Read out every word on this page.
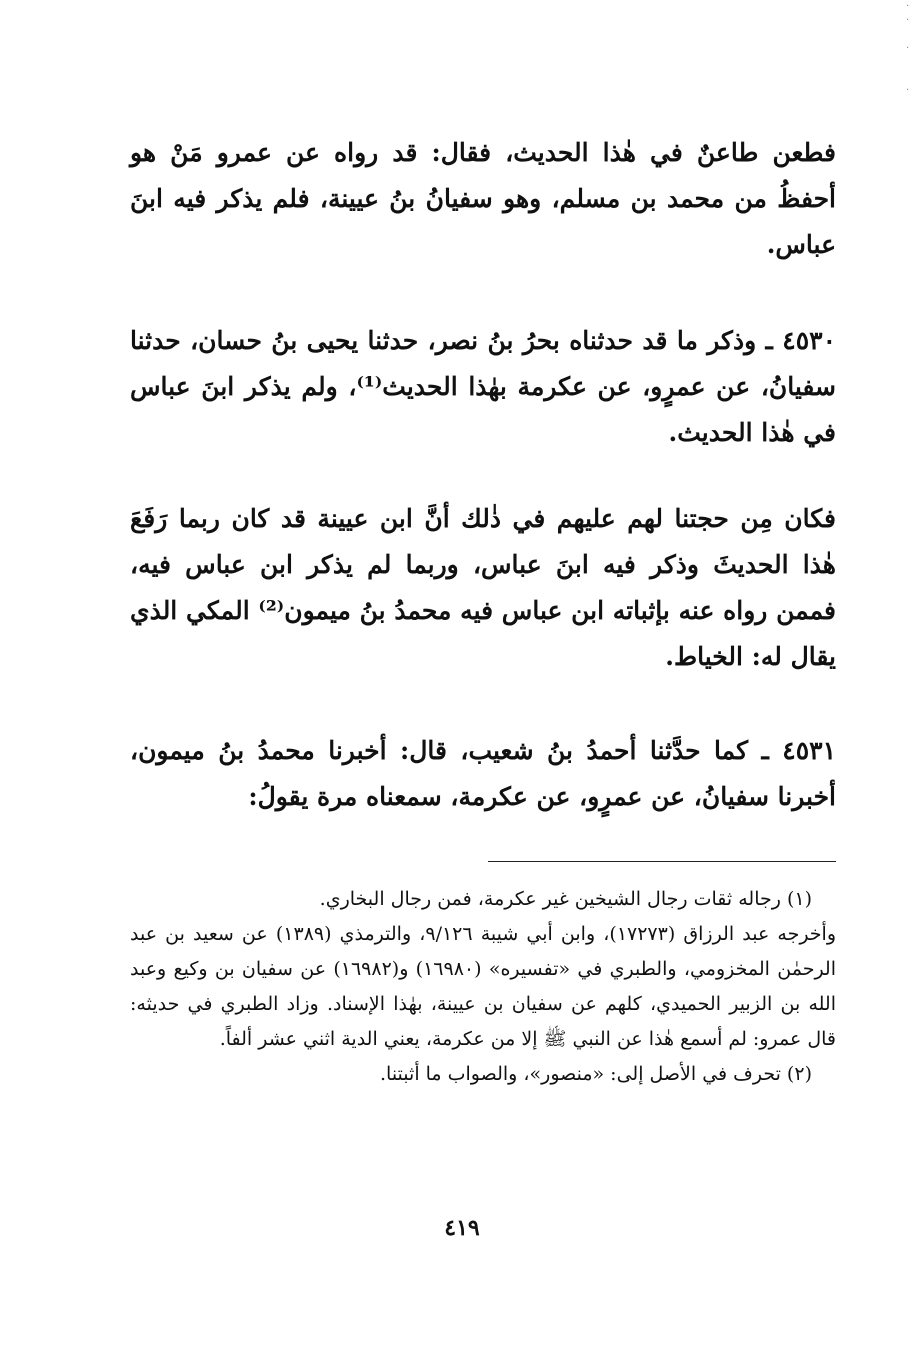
·
·

·

·

فطعن طاعنٌ في هٰذا الحديث، فقال: قد رواه عن عمرو مَنْ هو أحفظُ من محمد بن مسلم، وهو سفيانُ بنُ عيينة، فلم يذكر فيه ابنَ عباس.

٤٥٣٠ ـ وذكر ما قد حدثناه بحرُ بنُ نصر، حدثنا يحيى بنُ حسان، حدثنا سفيانُ، عن عمرٍو، عن عكرمة بهٰذا الحديث⁽¹⁾، ولم يذكر ابنَ عباس في هٰذا الحديث.

فكان مِن حجتنا لهم عليهم في ذٰلك أنَّ ابن عيينة قد كان ربما رَفَعَ هٰذا الحديثَ وذكر فيه ابنَ عباس، وربما لم يذكر ابن عباس فيه، فممن رواه عنه بإثباته ابن عباس فيه محمدُ بنُ ميمون⁽²⁾ المكي الذي يقال له: الخياط.

٤٥٣١ ـ كما حدَّثنا أحمدُ بنُ شعيب، قال: أخبرنا محمدُ بنُ ميمون، أخبرنا سفيانُ، عن عمرٍو، عن عكرمة، سمعناه مرة يقولُ:

(١) رجاله ثقات رجال الشيخين غير عكرمة، فمن رجال البخاري.

وأخرجه عبد الرزاق (١٧٢٧٣)، وابن أبي شيبة ٩/١٢٦، والترمذي (١٣٨٩) عن سعيد بن عبد الرحمٰن المخزومي، والطبري في «تفسيره» (١٦٩٨٠) و(١٦٩٨٢) عن سفيان بن وكيع وعبد الله بن الزبير الحميدي، كلهم عن سفيان بن عيينة، بهٰذا الإسناد. وزاد الطبري في حديثه: قال عمرو: لم أسمع هٰذا عن النبي ﷺ إلا من عكرمة، يعني الدية اثني عشر ألفاً.

(٢) تحرف في الأصل إلى: «منصور»، والصواب ما أثبتنا.

٤١٩
